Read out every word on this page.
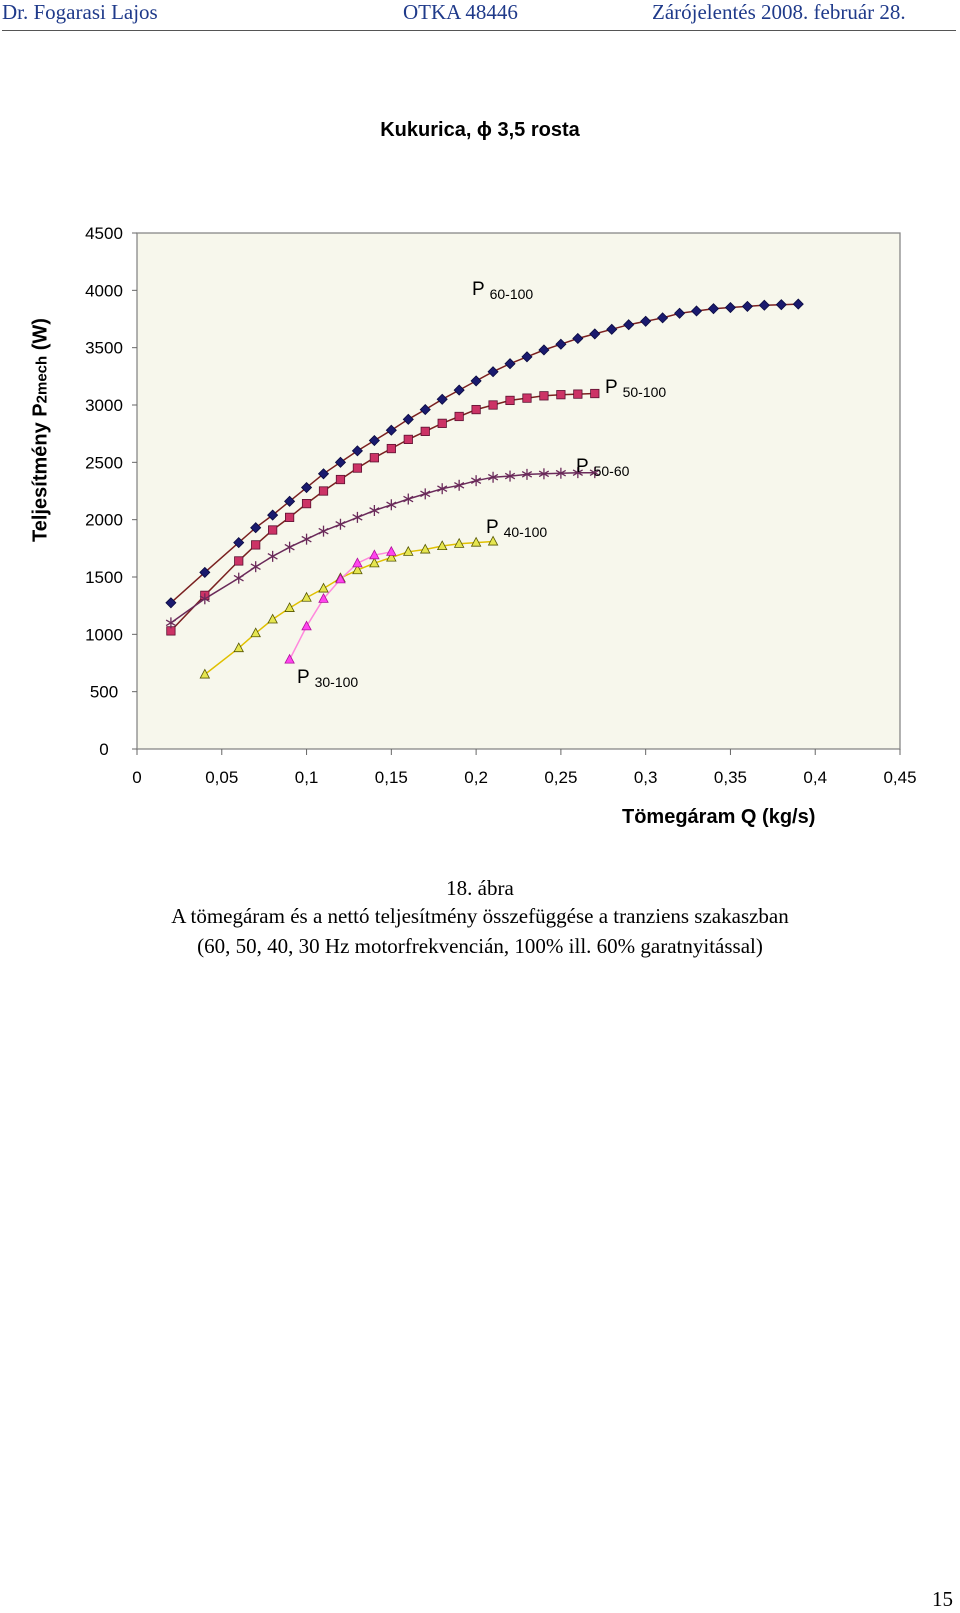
Dr. Fogarasi Lajos	OTKA 48446	Zárójelentés 2008. február 28.
Kukurica, ϕ 3,5 rosta
Teljesítmény P2mech (W)
0
500
1000
1500
2000
2500
3000
3500
4000
4500
0	0,05	0,1	0,15	0,2	0,25	0,3	0,35	0,4	0,45
P $_{60-100}$
P $_{50-100}$
P $_{50-60}$
P $_{40-100}$
P $_{30-100}$
Tömegáram Q (kg/s)
18. ábra
A tömegáram és a nettó teljesítmény összefüggése a tranziens szakaszban
(60, 50, 40, 30 Hz motorfrekvencián, 100% ill. 60% garatnyitással)
15
